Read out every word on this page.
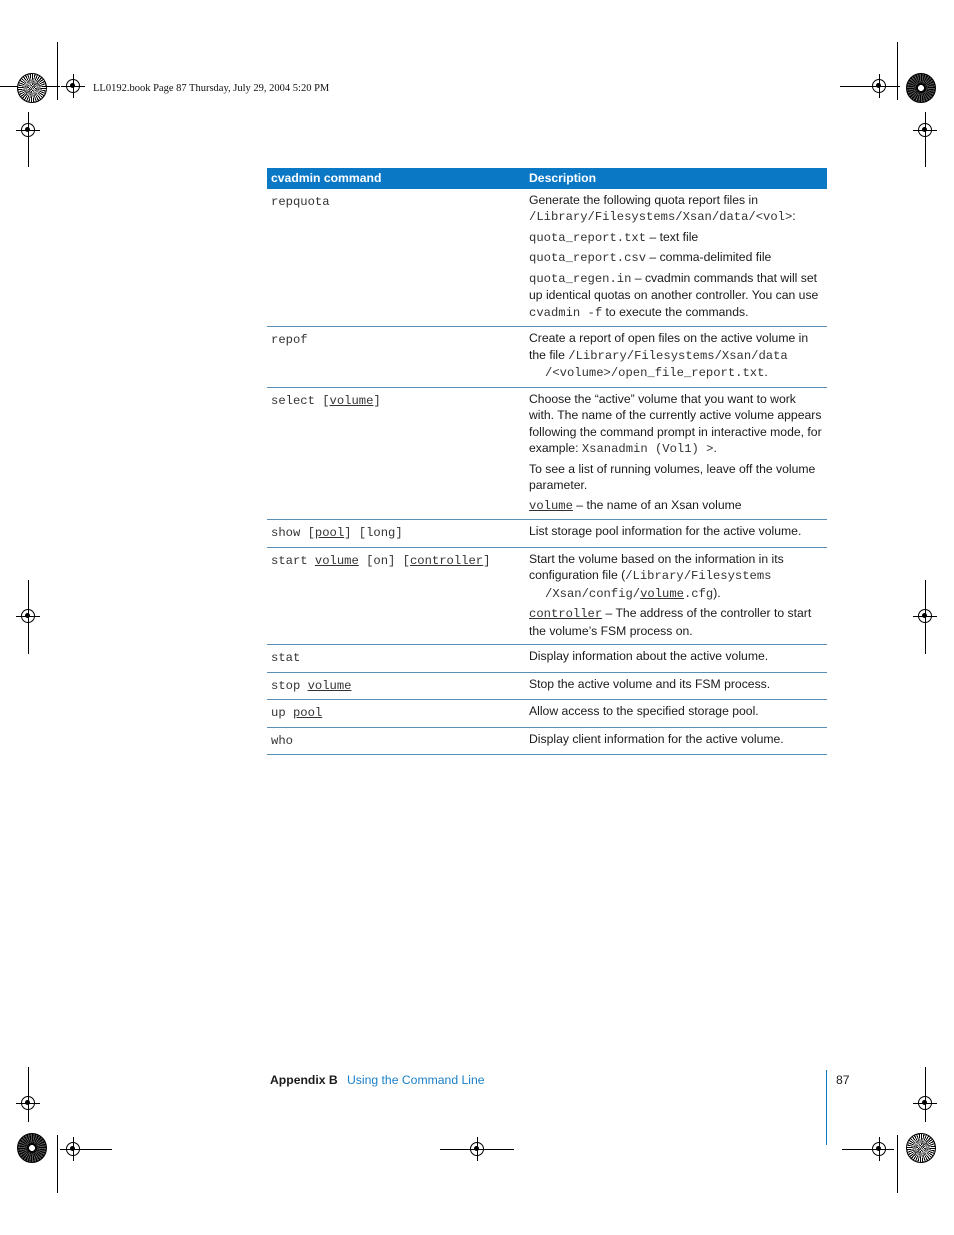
LL0192.book Page 87 Thursday, July 29, 2004 5:20 PM
cvadmin command	Description
repquota	Generate the following quota report files in
/Library/Filesystems/Xsan/data/<vol>:

quota_report.txt – text file

quota_report.csv – comma-delimited file

quota_regen.in – cvadmin commands that will set up identical quotas on another controller. You can use cvadmin -f to execute the commands.

repof	Create a report of open files on the active volume in the file /Library/Filesystems/Xsan/data
/<volume>/open_file_report.txt.

select [volume]	Choose the “active” volume that you want to work with. The name of the currently active volume appears following the command prompt in interactive mode, for example: Xsanadmin (Vol1) >.

To see a list of running volumes, leave off the volume parameter.

volume – the name of an Xsan volume

show [pool] [long]	List storage pool information for the active volume.
start volume [on] [controller]	Start the volume based on the information in its configuration file (/Library/Filesystems
/Xsan/config/volume.cfg).

controller – The address of the controller to start the volume’s FSM process on.

stat	Display information about the active volume.
stop volume	Stop the active volume and its FSM process.
up pool	Allow access to the specified storage pool.
who	Display client information for the active volume.
Appendix B Using the Command Line	87
